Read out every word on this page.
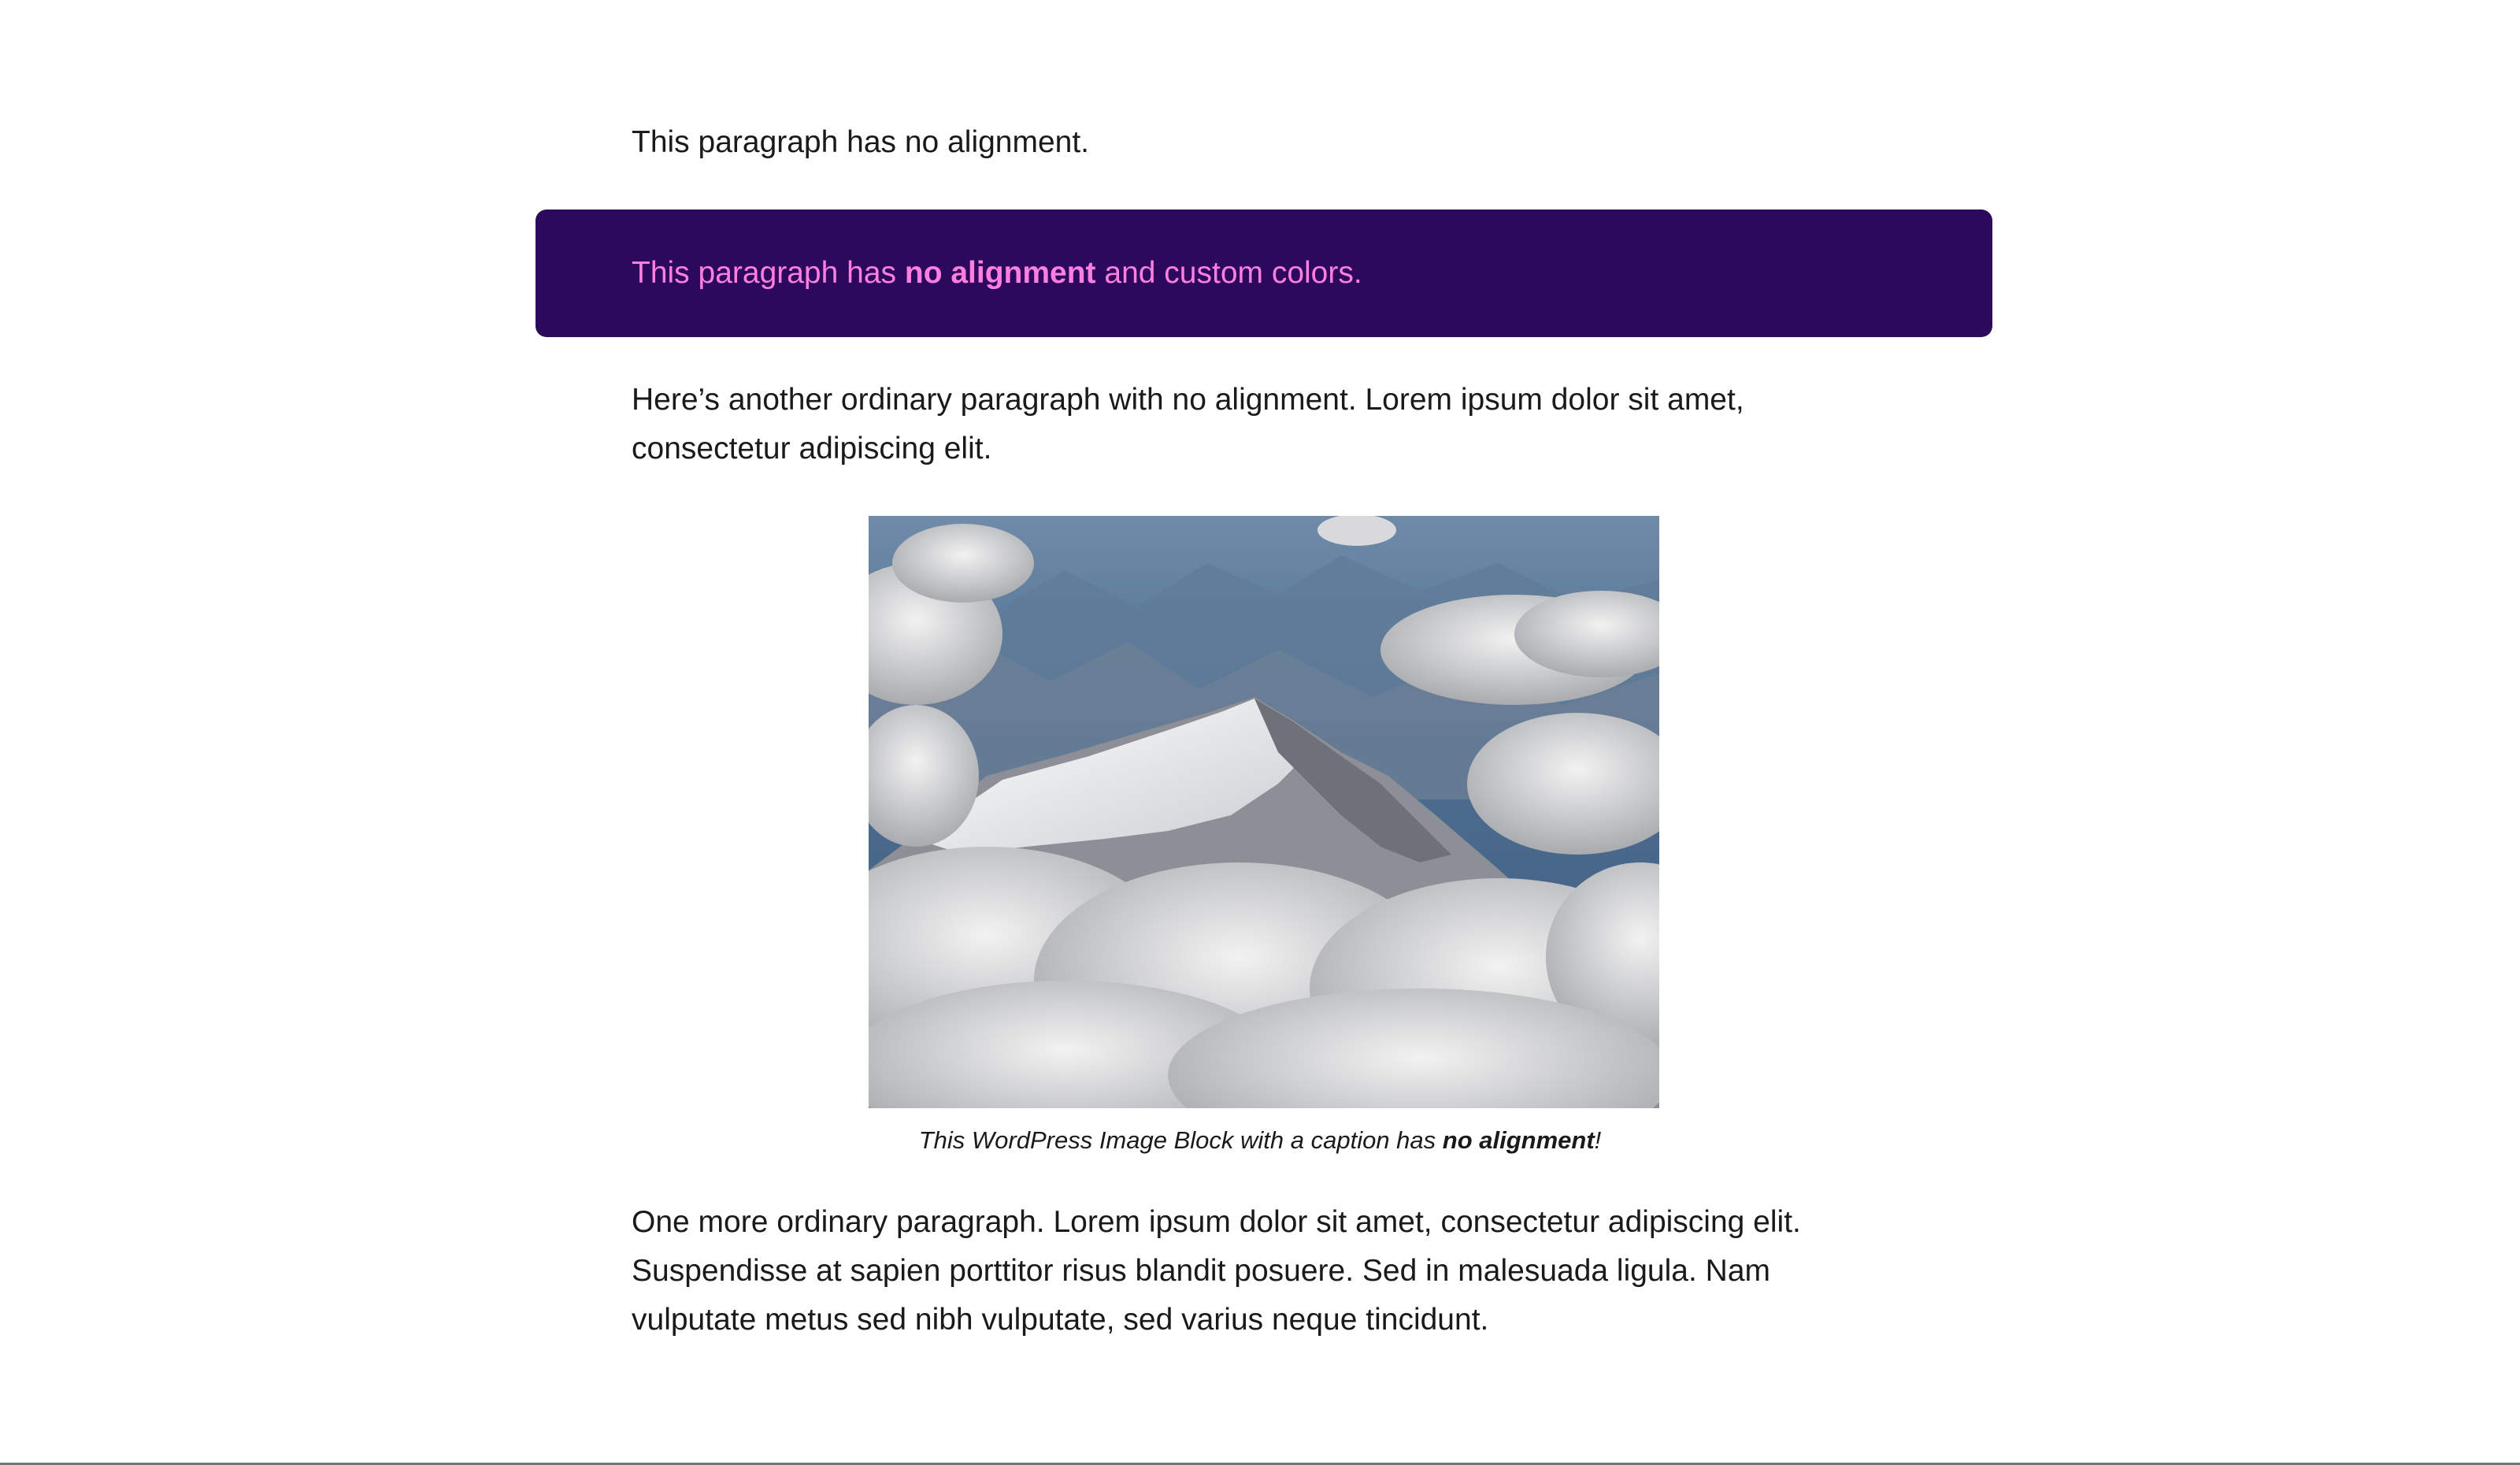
This paragraph has no alignment.

This paragraph has no alignment and custom colors.

Here’s another ordinary paragraph with no alignment. Lorem ipsum dolor sit amet, consectetur adipiscing elit.

This WordPress Image Block with a caption has no alignment!

One more ordinary paragraph. Lorem ipsum dolor sit amet, consectetur adipiscing elit. Suspendisse at sapien porttitor risus blandit posuere. Sed in malesuada ligula. Nam vulputate metus sed nibh vulputate, sed varius neque tincidunt.
